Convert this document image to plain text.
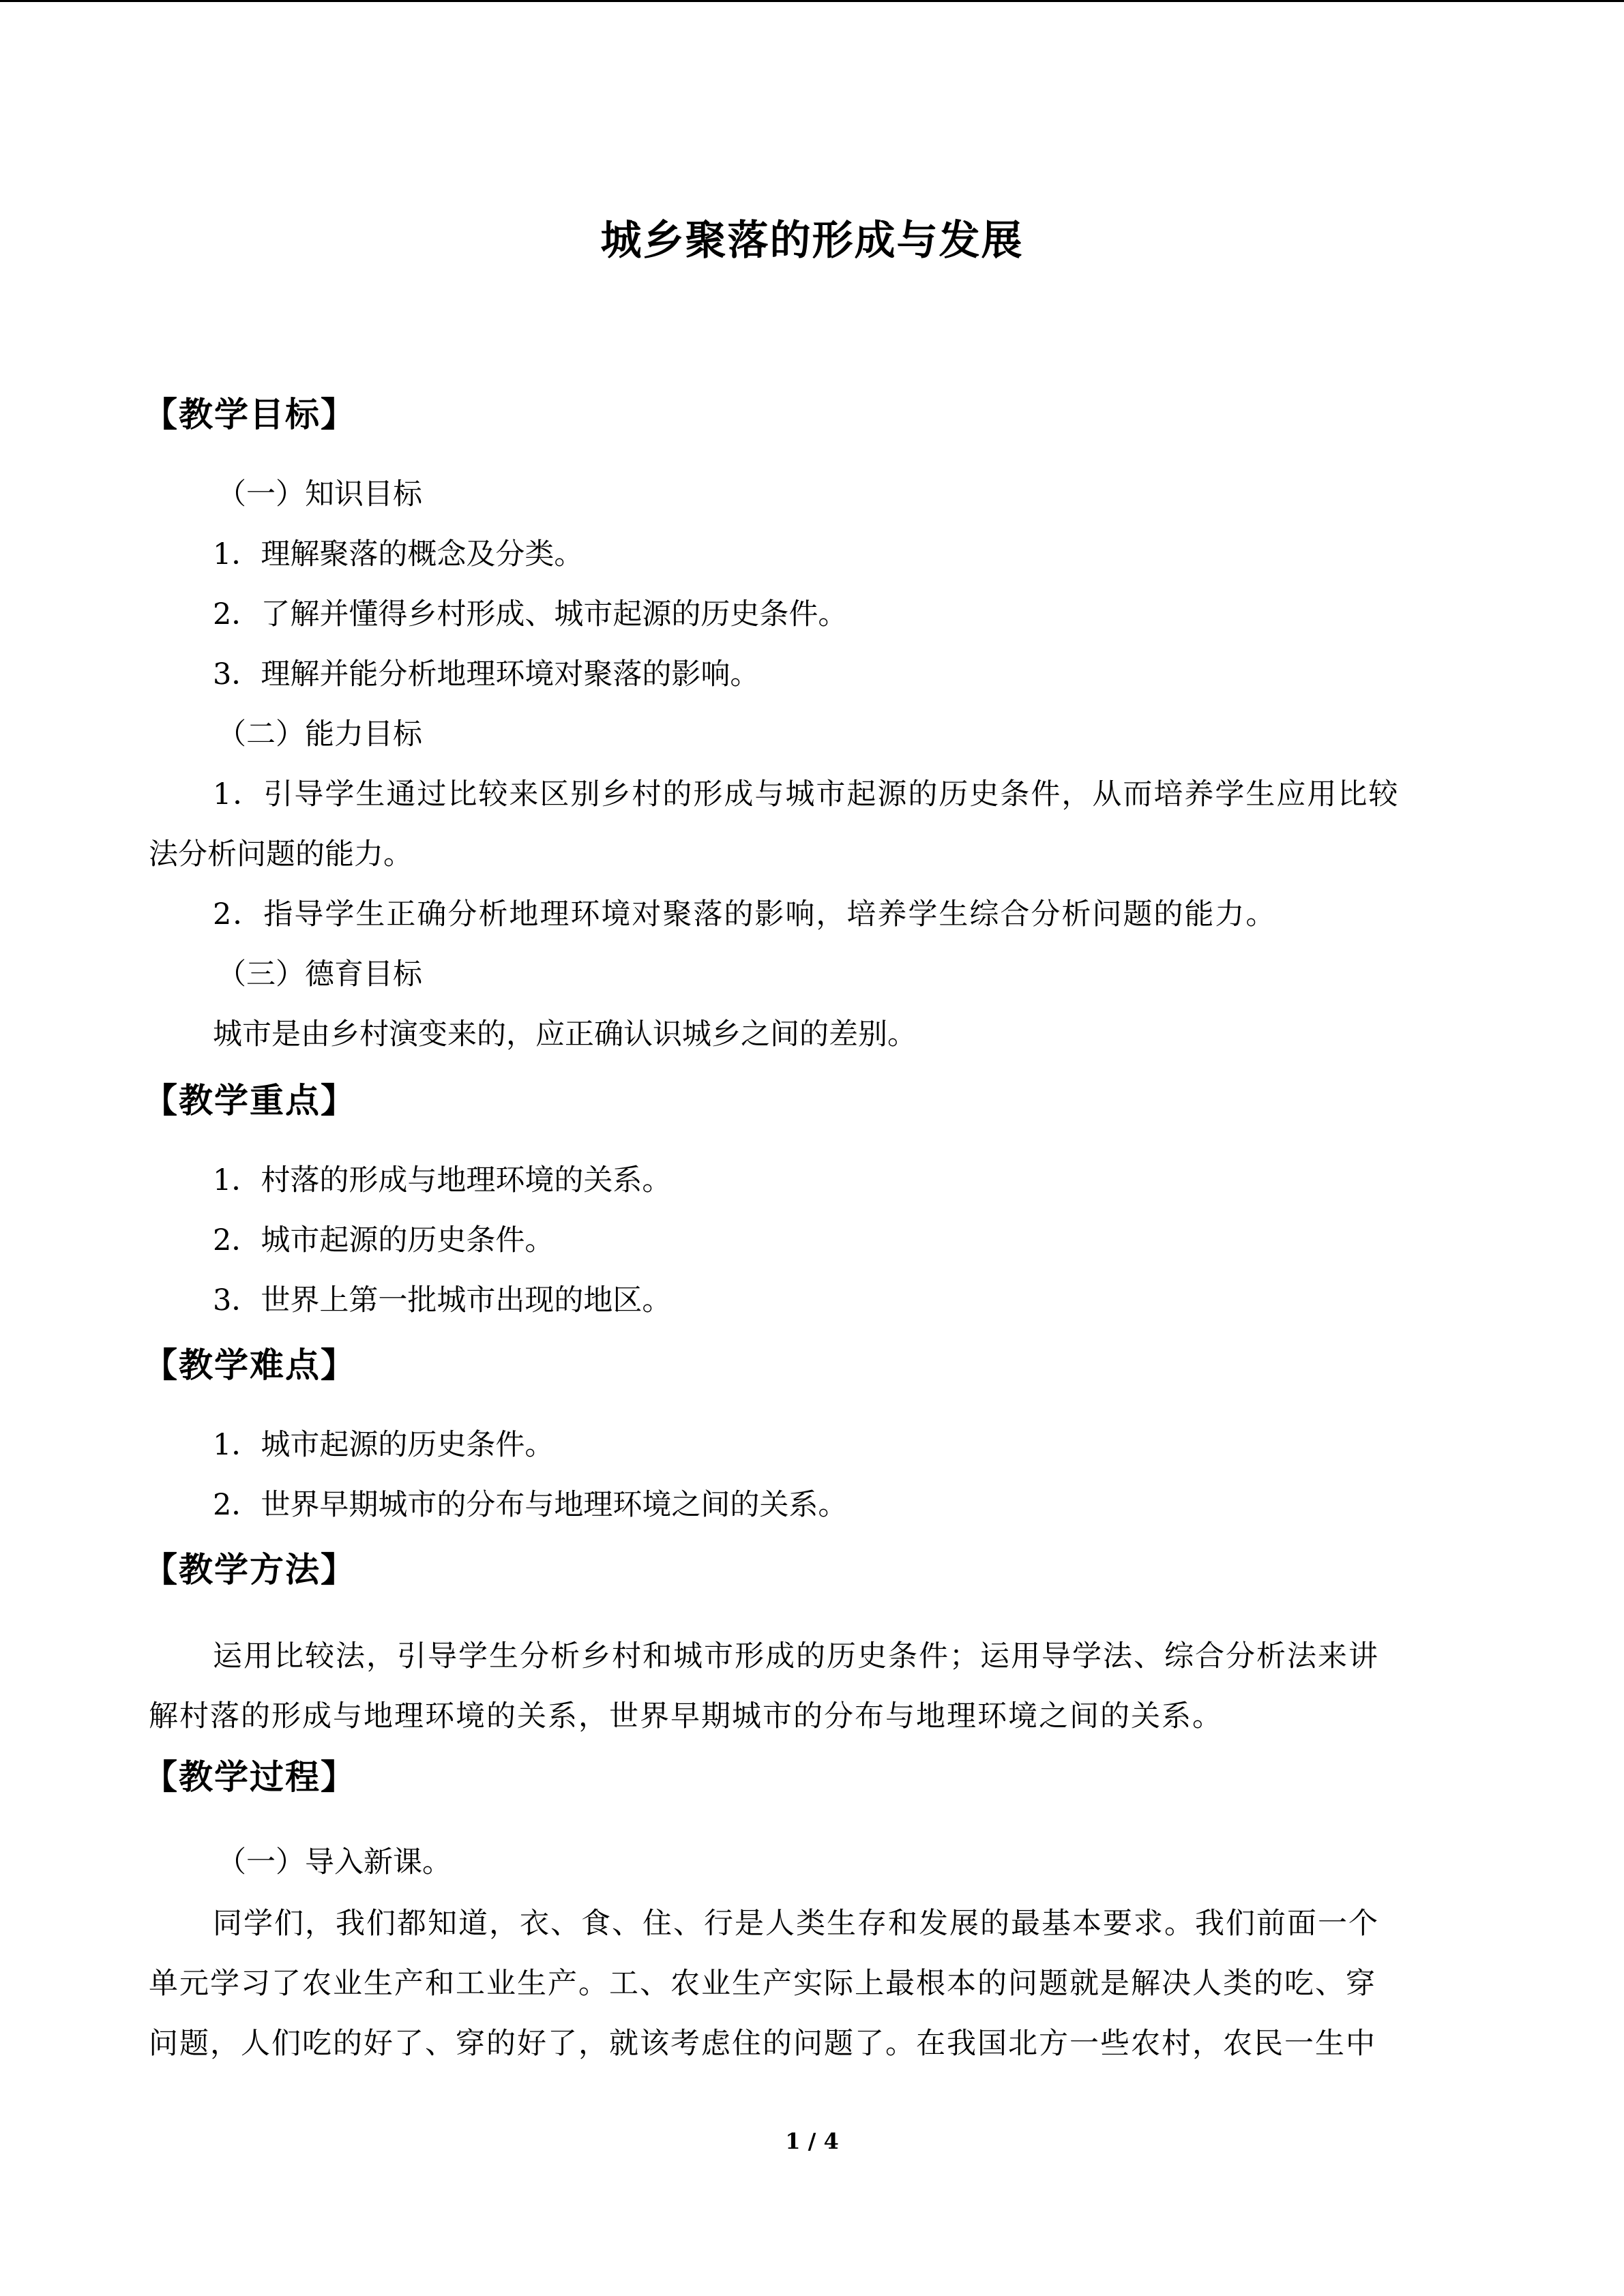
城乡聚落的形成与发展
【教学目标】
（一）知识目标
1．理解聚落的概念及分类。
2．了解并懂得乡村形成、城市起源的历史条件。
3．理解并能分析地理环境对聚落的影响。
（二）能力目标
1．引导学生通过比较来区别乡村的形成与城市起源的历史条件，从而培养学生应用比较
法分析问题的能力。
2．指导学生正确分析地理环境对聚落的影响，培养学生综合分析问题的能力。
（三）德育目标
城市是由乡村演变来的，应正确认识城乡之间的差别。
【教学重点】
1．村落的形成与地理环境的关系。
2．城市起源的历史条件。
3．世界上第一批城市出现的地区。
【教学难点】
1．城市起源的历史条件。
2．世界早期城市的分布与地理环境之间的关系。
【教学方法】
运用比较法，引导学生分析乡村和城市形成的历史条件；运用导学法、综合分析法来讲
解村落的形成与地理环境的关系，世界早期城市的分布与地理环境之间的关系。
【教学过程】
（一）导入新课。
同学们，我们都知道，衣、食、住、行是人类生存和发展的最基本要求。我们前面一个
单元学习了农业生产和工业生产。工、农业生产实际上最根本的问题就是解决人类的吃、穿
问题，人们吃的好了、穿的好了，就该考虑住的问题了。在我国北方一些农村，农民一生中
1 / 4
